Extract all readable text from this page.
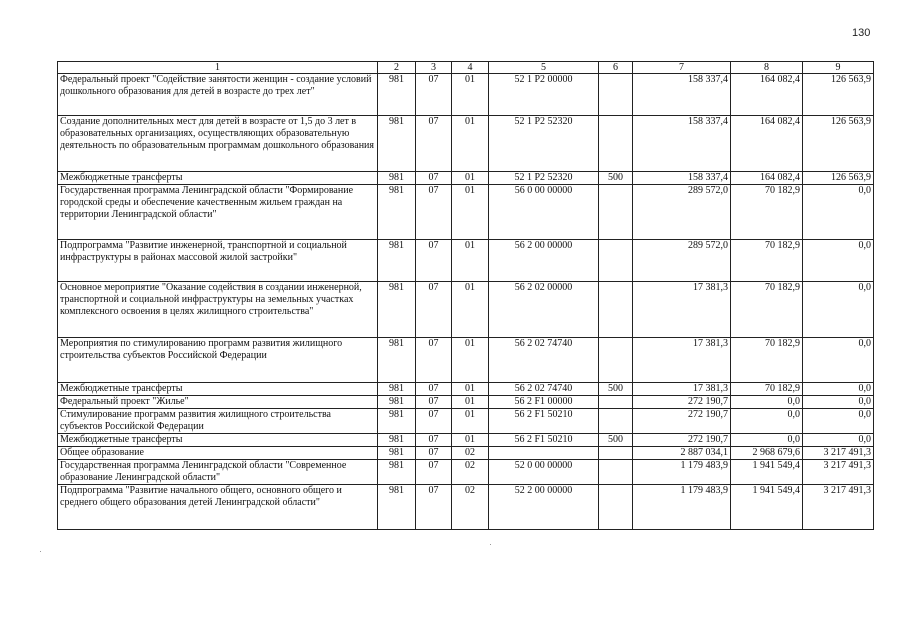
130
1	2	3	4	5	6	7	8	9
Федеральный проект "Содействие занятости женщин - создание условий дошкольного образования для детей в возрасте до трех лет"	981	07	01	52 1 P2 00000		158 337,4	164 082,4	126 563,9
Создание дополнительных мест для детей в возрасте от 1,5 до 3 лет в образовательных организациях, осуществляющих образовательную деятельность по образовательным программам дошкольного образования	981	07	01	52 1 P2 52320		158 337,4	164 082,4	126 563,9
Межбюджетные трансферты	981	07	01	52 1 P2 52320	500	158 337,4	164 082,4	126 563,9
Государственная программа Ленинградской области "Формирование городской среды и обеспечение качественным жильем граждан на территории Ленинградской области"	981	07	01	56 0 00 00000		289 572,0	70 182,9	0,0
Подпрограмма "Развитие инженерной, транспортной и социальной инфраструктуры в районах массовой жилой застройки"	981	07	01	56 2 00 00000		289 572,0	70 182,9	0,0
Основное мероприятие "Оказание содействия в создании инженерной, транспортной и социальной инфраструктуры на земельных участках комплексного освоения в целях жилищного строительства"	981	07	01	56 2 02 00000		17 381,3	70 182,9	0,0
Мероприятия по стимулированию программ развития жилищного строительства субъектов Российской Федерации	981	07	01	56 2 02 74740		17 381,3	70 182,9	0,0
Межбюджетные трансферты	981	07	01	56 2 02 74740	500	17 381,3	70 182,9	0,0
Федеральный проект "Жилье"	981	07	01	56 2 F1 00000		272 190,7	0,0	0,0
Стимулирование программ развития жилищного строительства субъектов Российской Федерации	981	07	01	56 2 F1 50210		272 190,7	0,0	0,0
Межбюджетные трансферты	981	07	01	56 2 F1 50210	500	272 190,7	0,0	0,0
Общее образование	981	07	02			2 887 034,1	2 968 679,6	3 217 491,3
Государственная программа Ленинградской области "Современное образование Ленинградской области"	981	07	02	52 0 00 00000		1 179 483,9	1 941 549,4	3 217 491,3
Подпрограмма "Развитие начального общего, основного общего и среднего общего образования детей Ленинградской области"	981	07	02	52 2 00 00000		1 179 483,9	1 941 549,4	3 217 491,3
